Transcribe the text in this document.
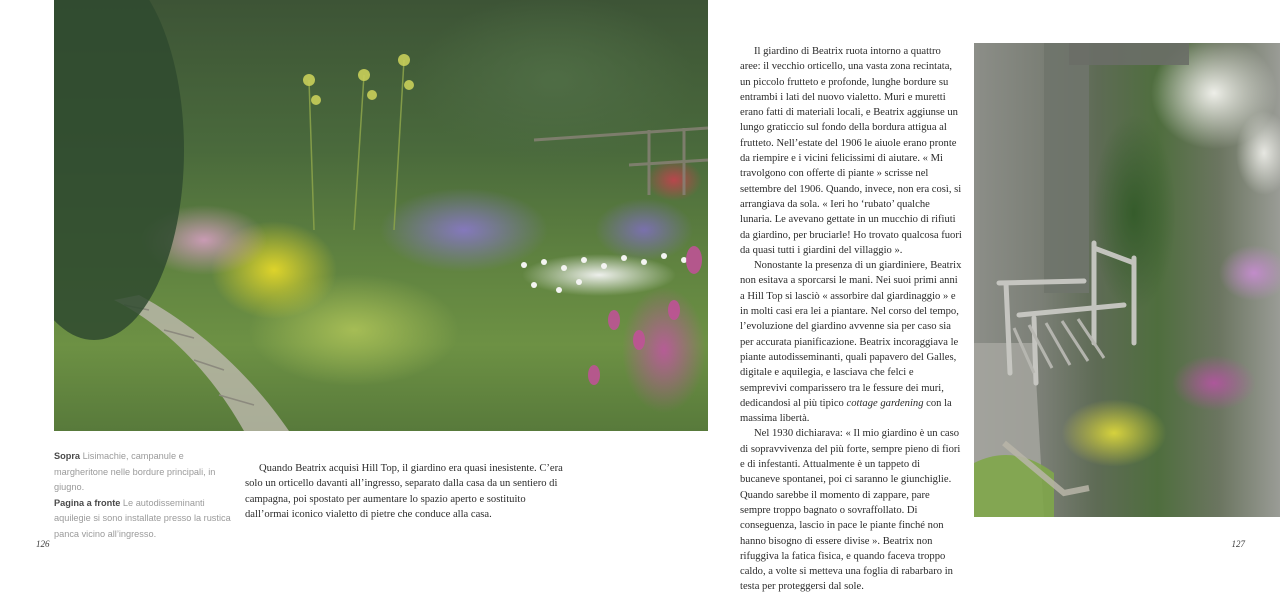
Sopra Lisimachie, campanule e margheritone nelle bordure principali, in giugno.
Pagina a fronte Le autodisseminanti aquilegie si sono installate presso la rustica panca vicino all’ingresso.

Quando Beatrix acquisì Hill Top, il giardino era quasi inesistente. C’era solo un orticello davanti all’ingresso, separato dalla casa da un sentiero di campagna, poi spostato per aumentare lo spazio aperto e sostituito dall’ormai iconico vialetto di pietre che conduce alla casa.

126

Il giardino di Beatrix ruota intorno a quattro aree: il vecchio orticello, una vasta zona recintata, un piccolo frutteto e profonde, lunghe bordure su entrambi i lati del nuovo vialetto. Muri e muretti erano fatti di materiali locali, e Beatrix aggiunse un lungo graticcio sul fondo della bordura attigua al frutteto. Nell’estate del 1906 le aiuole erano pronte da riempire e i vicini felicissimi di aiutare. « Mi travolgono con offerte di piante » scrisse nel settembre del 1906. Quando, invece, non era così, si arrangiava da sola. « Ieri ho ‘rubato’ qualche lunaria. Le avevano gettate in un mucchio di rifiuti da giardino, per bruciarle! Ho trovato qualcosa fuori da quasi tutti i giardini del villaggio ».

Nonostante la presenza di un giardiniere, Beatrix non esitava a sporcarsi le mani. Nei suoi primi anni a Hill Top si lasciò « assorbire dal giardinaggio » e in molti casi era lei a piantare. Nel corso del tempo, l’evoluzione del giardino avvenne sia per caso sia per accurata pianificazione. Beatrix incoraggiava le piante autodisseminanti, quali papavero del Galles, digitale e aquilegia, e lasciava che felci e semprevivi comparissero tra le fessure dei muri, dedicandosi al più tipico cottage gardening con la massima libertà.

Nel 1930 dichiarava: « Il mio giardino è un caso di sopravvivenza del più forte, sempre pieno di fiori e di infestanti. Attualmente è un tappeto di bucaneve spontanei, poi ci saranno le giunchiglie. Quando sarebbe il momento di zappare, pare sempre troppo bagnato o sovraffollato. Di conseguenza, lascio in pace le piante finché non hanno bisogno di essere divise ». Beatrix non rifuggiva la fatica fisica, e quando faceva troppo caldo, a volte si metteva una foglia di rabarbaro in testa per proteggersi dal sole.

127
